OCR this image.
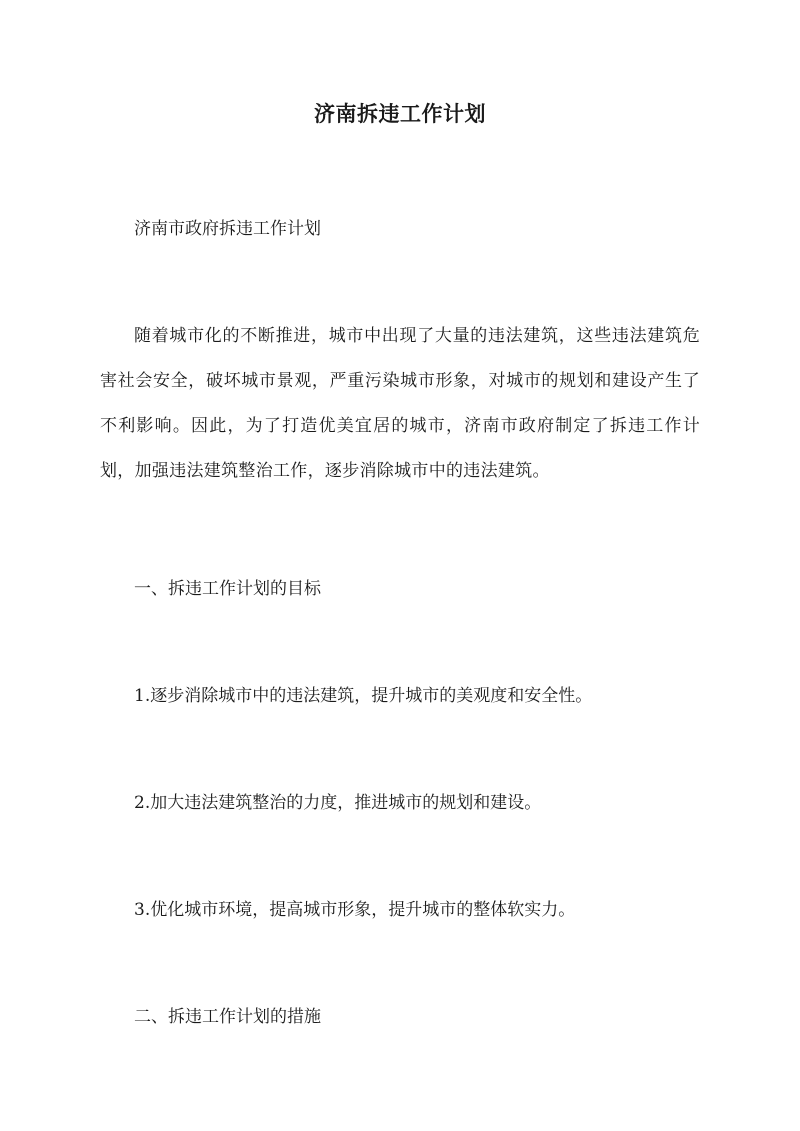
济南拆违工作计划
济南市政府拆违工作计划
随着城市化的不断推进，城市中出现了大量的违法建筑，这些违法建筑危害社会安全，破坏城市景观，严重污染城市形象，对城市的规划和建设产生了不利影响。因此，为了打造优美宜居的城市，济南市政府制定了拆违工作计划，加强违法建筑整治工作，逐步消除城市中的违法建筑。
一、拆违工作计划的目标
1.逐步消除城市中的违法建筑，提升城市的美观度和安全性。
2.加大违法建筑整治的力度，推进城市的规划和建设。
3.优化城市环境，提高城市形象，提升城市的整体软实力。
二、拆违工作计划的措施
